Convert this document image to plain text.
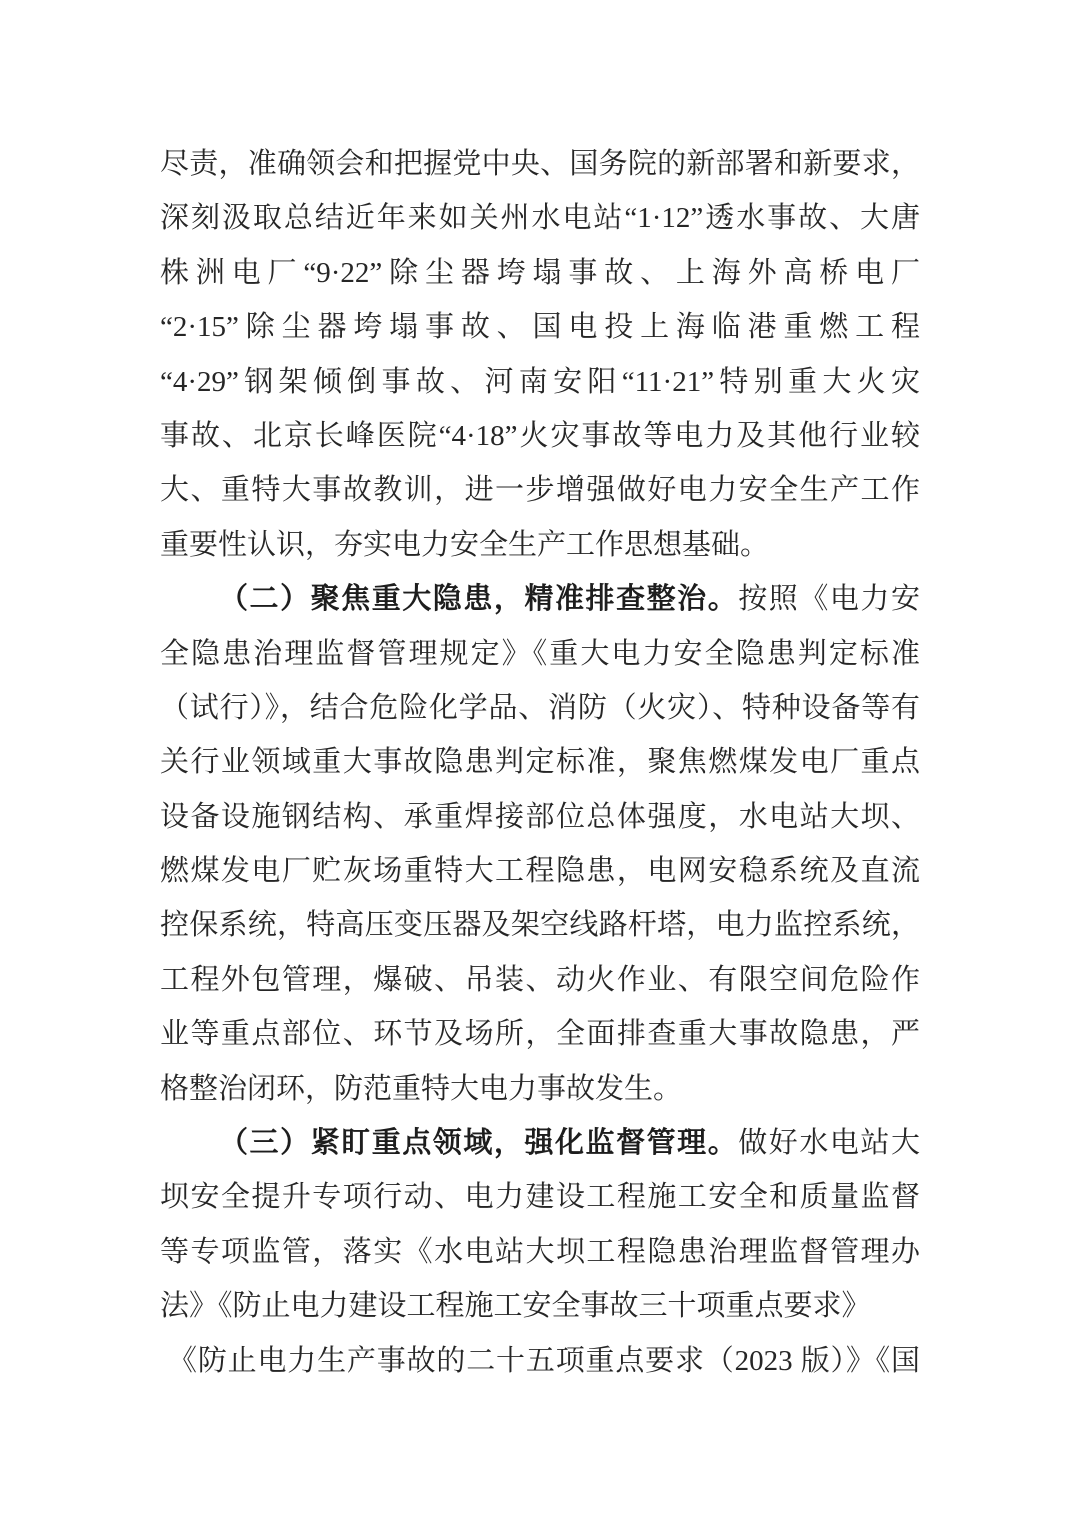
尽责，准确领会和把握党中央、国务院的新部署和新要求，
深刻汲取总结近年来如关州水电站“1·12”透水事故、大唐
株洲电厂“9·22”除尘器垮塌事故、上海外高桥电厂
“2·15”除尘器垮塌事故、国电投上海临港重燃工程
“4·29”钢架倾倒事故、河南安阳“11·21”特别重大火灾
事故、北京长峰医院“4·18”火灾事故等电力及其他行业较
大、重特大事故教训，进一步增强做好电力安全生产工作
重要性认识，夯实电力安全生产工作思想基础。
（二）聚焦重大隐患，精准排查整治。按照《电力安
全隐患治理监督管理规定》《重大电力安全隐患判定标准
（试行）》，结合危险化学品、消防（火灾）、特种设备等有
关行业领域重大事故隐患判定标准，聚焦燃煤发电厂重点
设备设施钢结构、承重焊接部位总体强度，水电站大坝、
燃煤发电厂贮灰场重特大工程隐患，电网安稳系统及直流
控保系统，特高压变压器及架空线路杆塔，电力监控系统，
工程外包管理，爆破、吊装、动火作业、有限空间危险作
业等重点部位、环节及场所，全面排查重大事故隐患，严
格整治闭环，防范重特大电力事故发生。
（三）紧盯重点领域，强化监督管理。做好水电站大
坝安全提升专项行动、电力建设工程施工安全和质量监督
等专项监管，落实《水电站大坝工程隐患治理监督管理办
法》《防止电力建设工程施工安全事故三十项重点要求》
《防止电力生产事故的二十五项重点要求（2023 版）》《国
